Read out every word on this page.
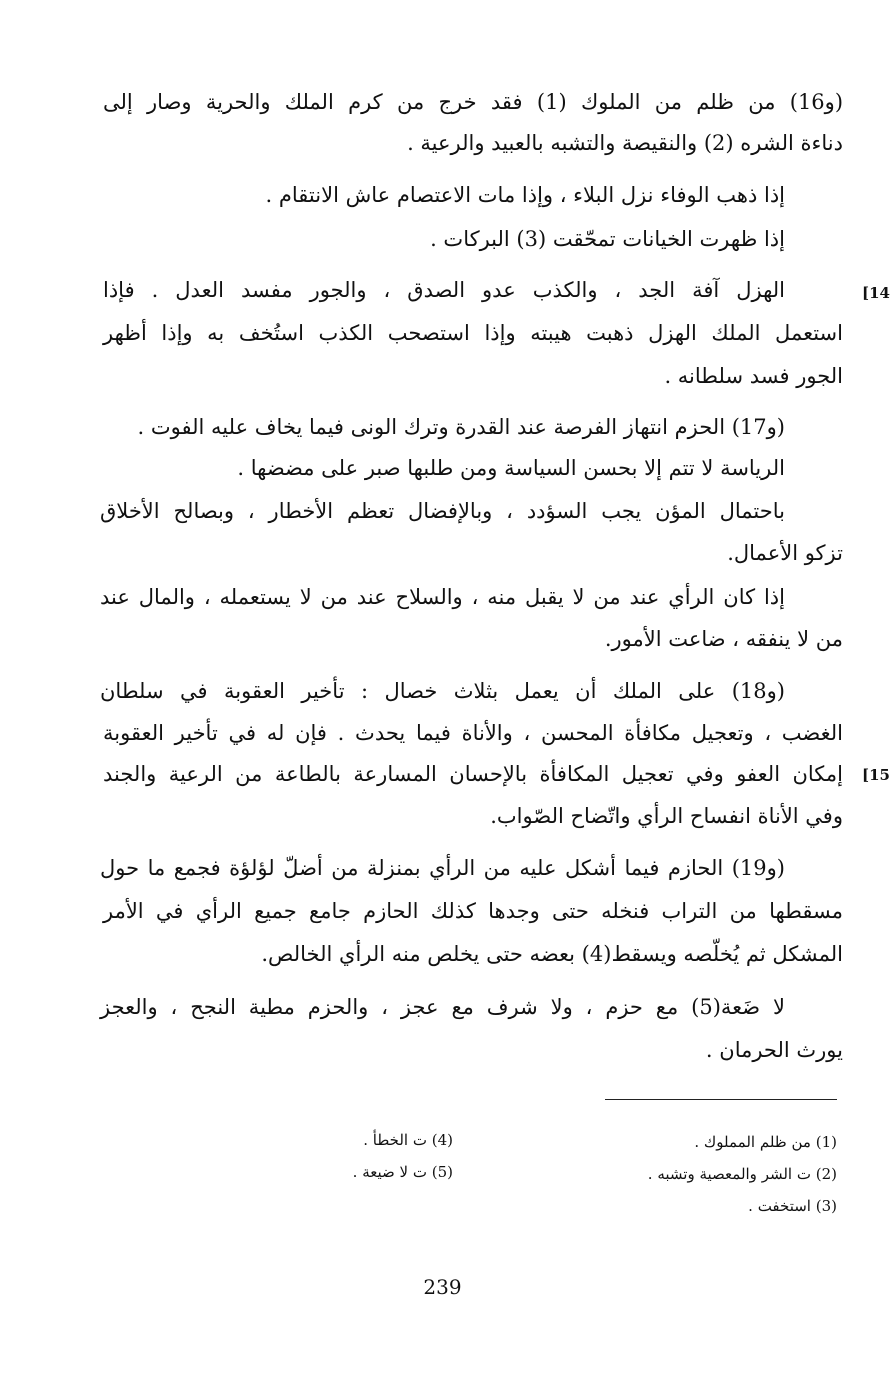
(و16) من ظلم من الملوك (1) فقد خرج من كرم الملك والحرية وصار إلى
دناءة الشره (2) والنقيصة والتشبه بالعبيد والرعية .
إذا ذهب الوفاء نزل البلاء ، وإذا مات الاعتصام عاش الانتقام .
إذا ظهرت الخيانات تمحّقت (3) البركات .
[14
الهزل آفة الجد ، والكذب عدو الصدق ، والجور مفسد العدل . فإذا
استعمل الملك الهزل ذهبت هيبته وإذا استصحب الكذب استُخف به وإذا أظهر
الجور فسد سلطانه .
(و17) الحزم انتهاز الفرصة عند القدرة وترك الونى فيما يخاف عليه الفوت .
الرياسة لا تتم إلا بحسن السياسة ومن طلبها صبر على مضضها .
باحتمال المؤن يجب السؤدد ، وبالإفضال تعظم الأخطار ، وبصالح الأخلاق
تزكو الأعمال.
إذا كان الرأي عند من لا يقبل منه ، والسلاح عند من لا يستعمله ، والمال عند
من لا ينفقه ، ضاعت الأمور.
(و18) على الملك أن يعمل بثلاث خصال : تأخير العقوبة في سلطان
الغضب ، وتعجيل مكافأة المحسن ، والأناة فيما يحدث . فإن له في تأخير العقوبة
[15
إمكان العفو وفي تعجيل المكافأة بالإحسان المسارعة بالطاعة من الرعية والجند
وفي الأناة انفساح الرأي واتّضاح الصّواب.
(و19) الحازم فيما أشكل عليه من الرأي بمنزلة من أضلّ لؤلؤة فجمع ما حول
مسقطها من التراب فنخله حتى وجدها كذلك الحازم جامع جميع الرأي في الأمر
المشكل ثم يُخلّصه ويسقط(4) بعضه حتى يخلص منه الرأي الخالص.
لا ضَعة(5) مع حزم ، ولا شرف مع عجز ، والحزم مطية النجح ، والعجز
يورث الحرمان .
(1) من ظلم المملوك .
(2) ت الشر والمعصية وتشبه .
(3) استخفت .
(4) ت الخطأ .
(5) ت لا ضيعة .
239
